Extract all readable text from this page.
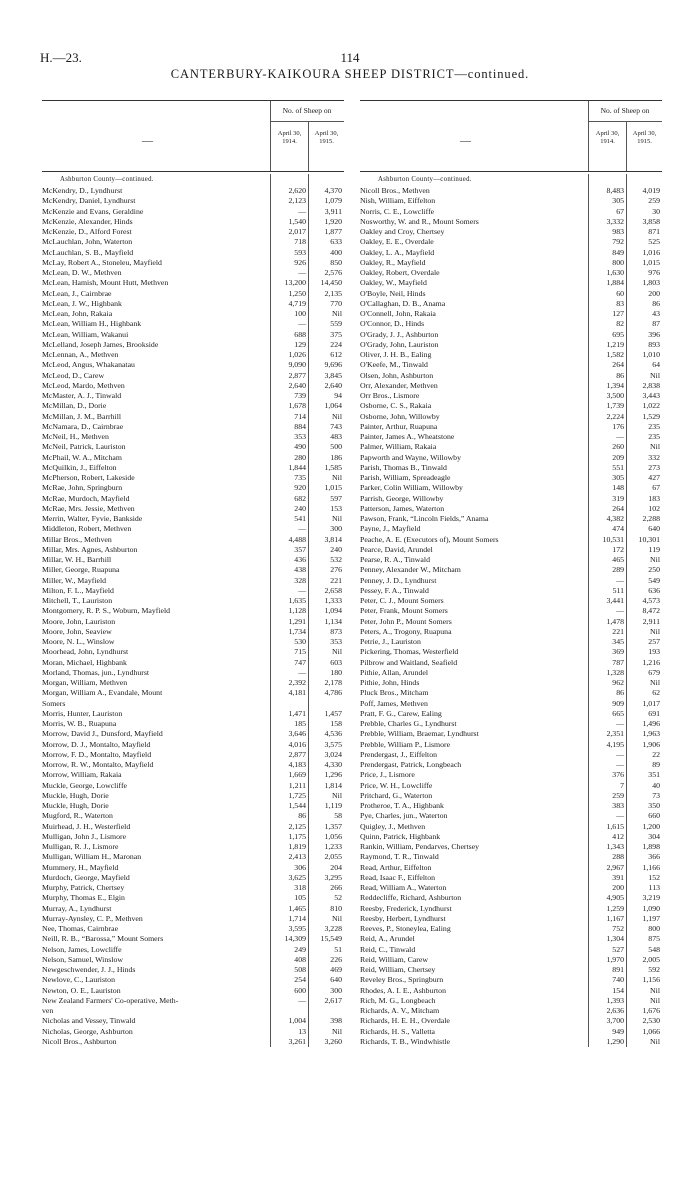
H.—23.	114
CANTERBURY-KAIKOURA SHEEP DISTRICT—continued.
—
No. of Sheep on
April 30, 1914.
April 30, 1915.
Ashburton County—continued.
McKendry, D., Lyndhurst	2,620	4,370
McKendry, Daniel, Lyndhurst	2,123	1,079
McKenzie and Evans, Geraldine	—	3,911
McKenzie, Alexander, Hinds	1,540	1,920
McKenzie, D., Alford Forest	2,017	1,877
McLauchlan, John, Waterton	718	633
McLauchlan, S. B., Mayfield	593	400
McLay, Robert A., Stoneleu, Mayfield	926	850
McLean, D. W., Methven	—	2,576
McLean, Hamish, Mount Hutt, Methven	13,200	14,450
McLean, J., Cairnbrae	1,250	2,135
McLean, J. W., Highbank	4,719	770
McLean, John, Rakaia	100	Nil
McLean, William H., Highbank	—	559
McLean, William, Wakanui	688	375
McLelland, Joseph James, Brookside	129	224
McLennan, A., Methven	1,026	612
McLeod, Angus, Whakanatau	9,090	9,696
McLeod, D., Carew	2,877	3,845
McLeod, Mardo, Methven	2,640	2,640
McMaster, A. J., Tinwald	739	94
McMillan, D., Dorie	1,678	1,064
McMillan, J. M., Barrhill	714	Nil
McNamara, D., Cairnbrae	884	743
McNeil, H., Methven	353	483
McNeil, Patrick, Lauriston	490	500
McPhail, W. A., Mitcham	280	186
McQuilkin, J., Eiffelton	1,844	1,585
McPherson, Robert, Lakeside	735	Nil
McRae, John, Springburn	920	1,015
McRae, Murdoch, Mayfield	682	597
McRae, Mrs. Jessie, Methven	240	153
Merrin, Walter, Fyvie, Bankside	541	Nil
Middleton, Robert, Methven	—	300
Millar Bros., Methven	4,488	3,814
Millar, Mrs. Agnes, Ashburton	357	240
Millar, W. H., Barrhill	436	532
Miller, George, Ruapuna	438	276
Miller, W., Mayfield	328	221
Milton, F. L., Mayfield	—	2,658
Mitchell, T., Lauriston	1,635	1,333
Montgomery, R. P. S., Woburn, Mayfield	1,128	1,094
Moore, John, Lauriston	1,291	1,134
Moore, John, Seaview	1,734	873
Moore, N. L., Winslow	530	353
Moorhead, John, Lyndhurst	715	Nil
Moran, Michael, Highbank	747	603
Morland, Thomas, jun., Lyndhurst	—	180
Morgan, William, Methven	2,392	2,178
Morgan, William A., Evandale, Mount	4,181	4,786
Somers
Morris, Hunter, Lauriston	1,471	1,457
Morris, W. B., Ruapuna	185	158
Morrow, David J., Dunsford, Mayfield	3,646	4,536
Morrow, D. J., Montalto, Mayfield	4,016	3,575
Morrow, F. D., Montalto, Mayfield	2,877	3,024
Morrow, R. W., Montalto, Mayfield	4,183	4,330
Morrow, William, Rakaia	1,669	1,296
Muckle, George, Lowcliffe	1,211	1,814
Muckle, Hugh, Dorie	1,725	Nil
Muckle, Hugh, Dorie	1,544	1,119
Mugford, R., Waterton	86	58
Muirhead, J. H., Westerfield	2,125	1,357
Mulligan, John J., Lismore	1,175	1,056
Mulligan, R. J., Lismore	1,819	1,233
Mulligan, William H., Maronan	2,413	2,055
Mummery, H., Mayfield	306	204
Murdoch, George, Mayfield	3,625	3,295
Murphy, Patrick, Chertsey	318	266
Murphy, Thomas E., Elgin	105	52
Murray, A., Lyndhurst	1,465	810
Murray-Aynsley, C. P., Methven	1,714	Nil
Nee, Thomas, Cairnbrae	3,595	3,228
Neill, R. B., “Barossa,” Mount Somers	14,309	15,549
Nelson, James, Lowcliffe	249	51
Nelson, Samuel, Winslow	408	226
Newgeschwender, J. J., Hinds	508	469
Newlove, C., Lauriston	254	640
Newton, O. E., Lauriston	600	300
New Zealand Farmers' Co-operative, Meth-	—	2,617
ven
Nicholas and Vessey, Tinwald	1,004	398
Nicholas, George, Ashburton	13	Nil
Nicoll Bros., Ashburton	3,261	3,260
—
No. of Sheep on
April 30, 1914.
April 30, 1915.
Ashburton County—continued.
Nicoll Bros., Methven	8,483	4,019
Nish, William, Eiffelton	305	259
Norris, C. E., Lowcliffe	67	30
Nosworthy, W. and R., Mount Somers	3,332	3,858
Oakley and Croy, Chertsey	983	871
Oakley, E. E., Overdale	792	525
Oakley, L. A., Mayfield	849	1,016
Oakley, R., Mayfield	800	1,015
Oakley, Robert, Overdale	1,630	976
Oakley, W., Mayfield	1,884	1,803
O'Boyle, Neil, Hinds	60	200
O'Callaghan, D. B., Anama	83	86
O'Connell, John, Rakaia	127	43
O'Connor, D., Hinds	82	87
O'Grady, J. J., Ashburton	695	396
O'Grady, John, Lauriston	1,219	893
Oliver, J. H. B., Ealing	1,582	1,010
O'Keefe, M., Tinwald	264	64
Olsen, John, Ashburton	86	Nil
Orr, Alexander, Methven	1,394	2,838
Orr Bros., Lismore	3,500	3,443
Osborne, C. S., Rakaia	1,739	1,022
Osborne, John, Willowby	2,224	1,529
Painter, Arthur, Ruapuna	176	235
Painter, James A., Wheatstone	—	235
Palmer, William, Rakaia	260	Nil
Papworth and Wayne, Willowby	209	332
Parish, Thomas B., Tinwald	551	273
Parish, William, Spreadeagle	305	427
Parker, Colin William, Willowby	148	67
Parrish, George, Willowby	319	183
Patterson, James, Waterton	264	102
Pawson, Frank, “Lincoln Fields,” Anama	4,382	2,288
Payne, J., Mayfield	474	640
Peache, A. E. (Executors of), Mount Somers	10,531	10,301
Pearce, David, Arundel	172	119
Pearse, R. A., Tinwald	465	Nil
Penney, Alexander W., Mitcham	289	250
Penney, J. D., Lyndhurst	—	549
Pessey, F. A., Tinwald	511	636
Peter, C. J., Mount Somers	3,441	4,573
Peter, Frank, Mount Somers	—	8,472
Peter, John P., Mount Somers	1,478	2,911
Peters, A., Trogony, Ruapuna	221	Nil
Petrie, J., Lauriston	345	257
Pickering, Thomas, Westerfield	369	193
Pilbrow and Waitland, Seafield	787	1,216
Pithie, Allan, Arundel	1,328	679
Pithie, John, Hinds	962	Nil
Pluck Bros., Mitcham	86	62
Poff, James, Methven	909	1,017
Pratt, F. G., Carew, Ealing	665	691
Prebble, Charles G., Lyndhurst	—	1,496
Prebble, William, Braemar, Lyndhurst	2,351	1,963
Prebble, William P., Lismore	4,195	1,906
Prendergast, J., Eiffelton	—	22
Prendergast, Patrick, Longbeach	—	89
Price, J., Lismore	376	351
Price, W. H., Lowcliffe	7	40
Pritchard, G., Waterton	259	73
Protheroe, T. A., Highbank	383	350
Pye, Charles, jun., Waterton	—	660
Quigley, J., Methven	1,615	1,200
Quinn, Patrick, Highbank	412	304
Rankin, William, Pendarves, Chertsey	1,343	1,898
Raymond, T. R., Tinwald	288	366
Read, Arthur, Eiffelton	2,967	1,166
Read, Isaac F., Eiffelton	391	152
Read, William A., Waterton	200	113
Reddecliffe, Richard, Ashburton	4,905	3,219
Reesby, Frederick, Lyndhurst	1,259	1,090
Reesby, Herbert, Lyndhurst	1,167	1,197
Reeves, P., Stoneylea, Ealing	752	800
Reid, A., Arundel	1,304	875
Reid, C., Tinwald	527	548
Reid, William, Carew	1,970	2,005
Reid, William, Chertsey	891	592
Reveley Bros., Springburn	740	1,156
Rhodes, A. I. E., Ashburton	154	Nil
Rich, M. G., Longbeach	1,393	Nil
Richards, A. V., Mitcham	2,636	1,676
Richards, H. E. H., Overdale	3,700	2,530
Richards, H. S., Valletta	949	1,066
Richards, T. B., Windwhistle	1,290	Nil
